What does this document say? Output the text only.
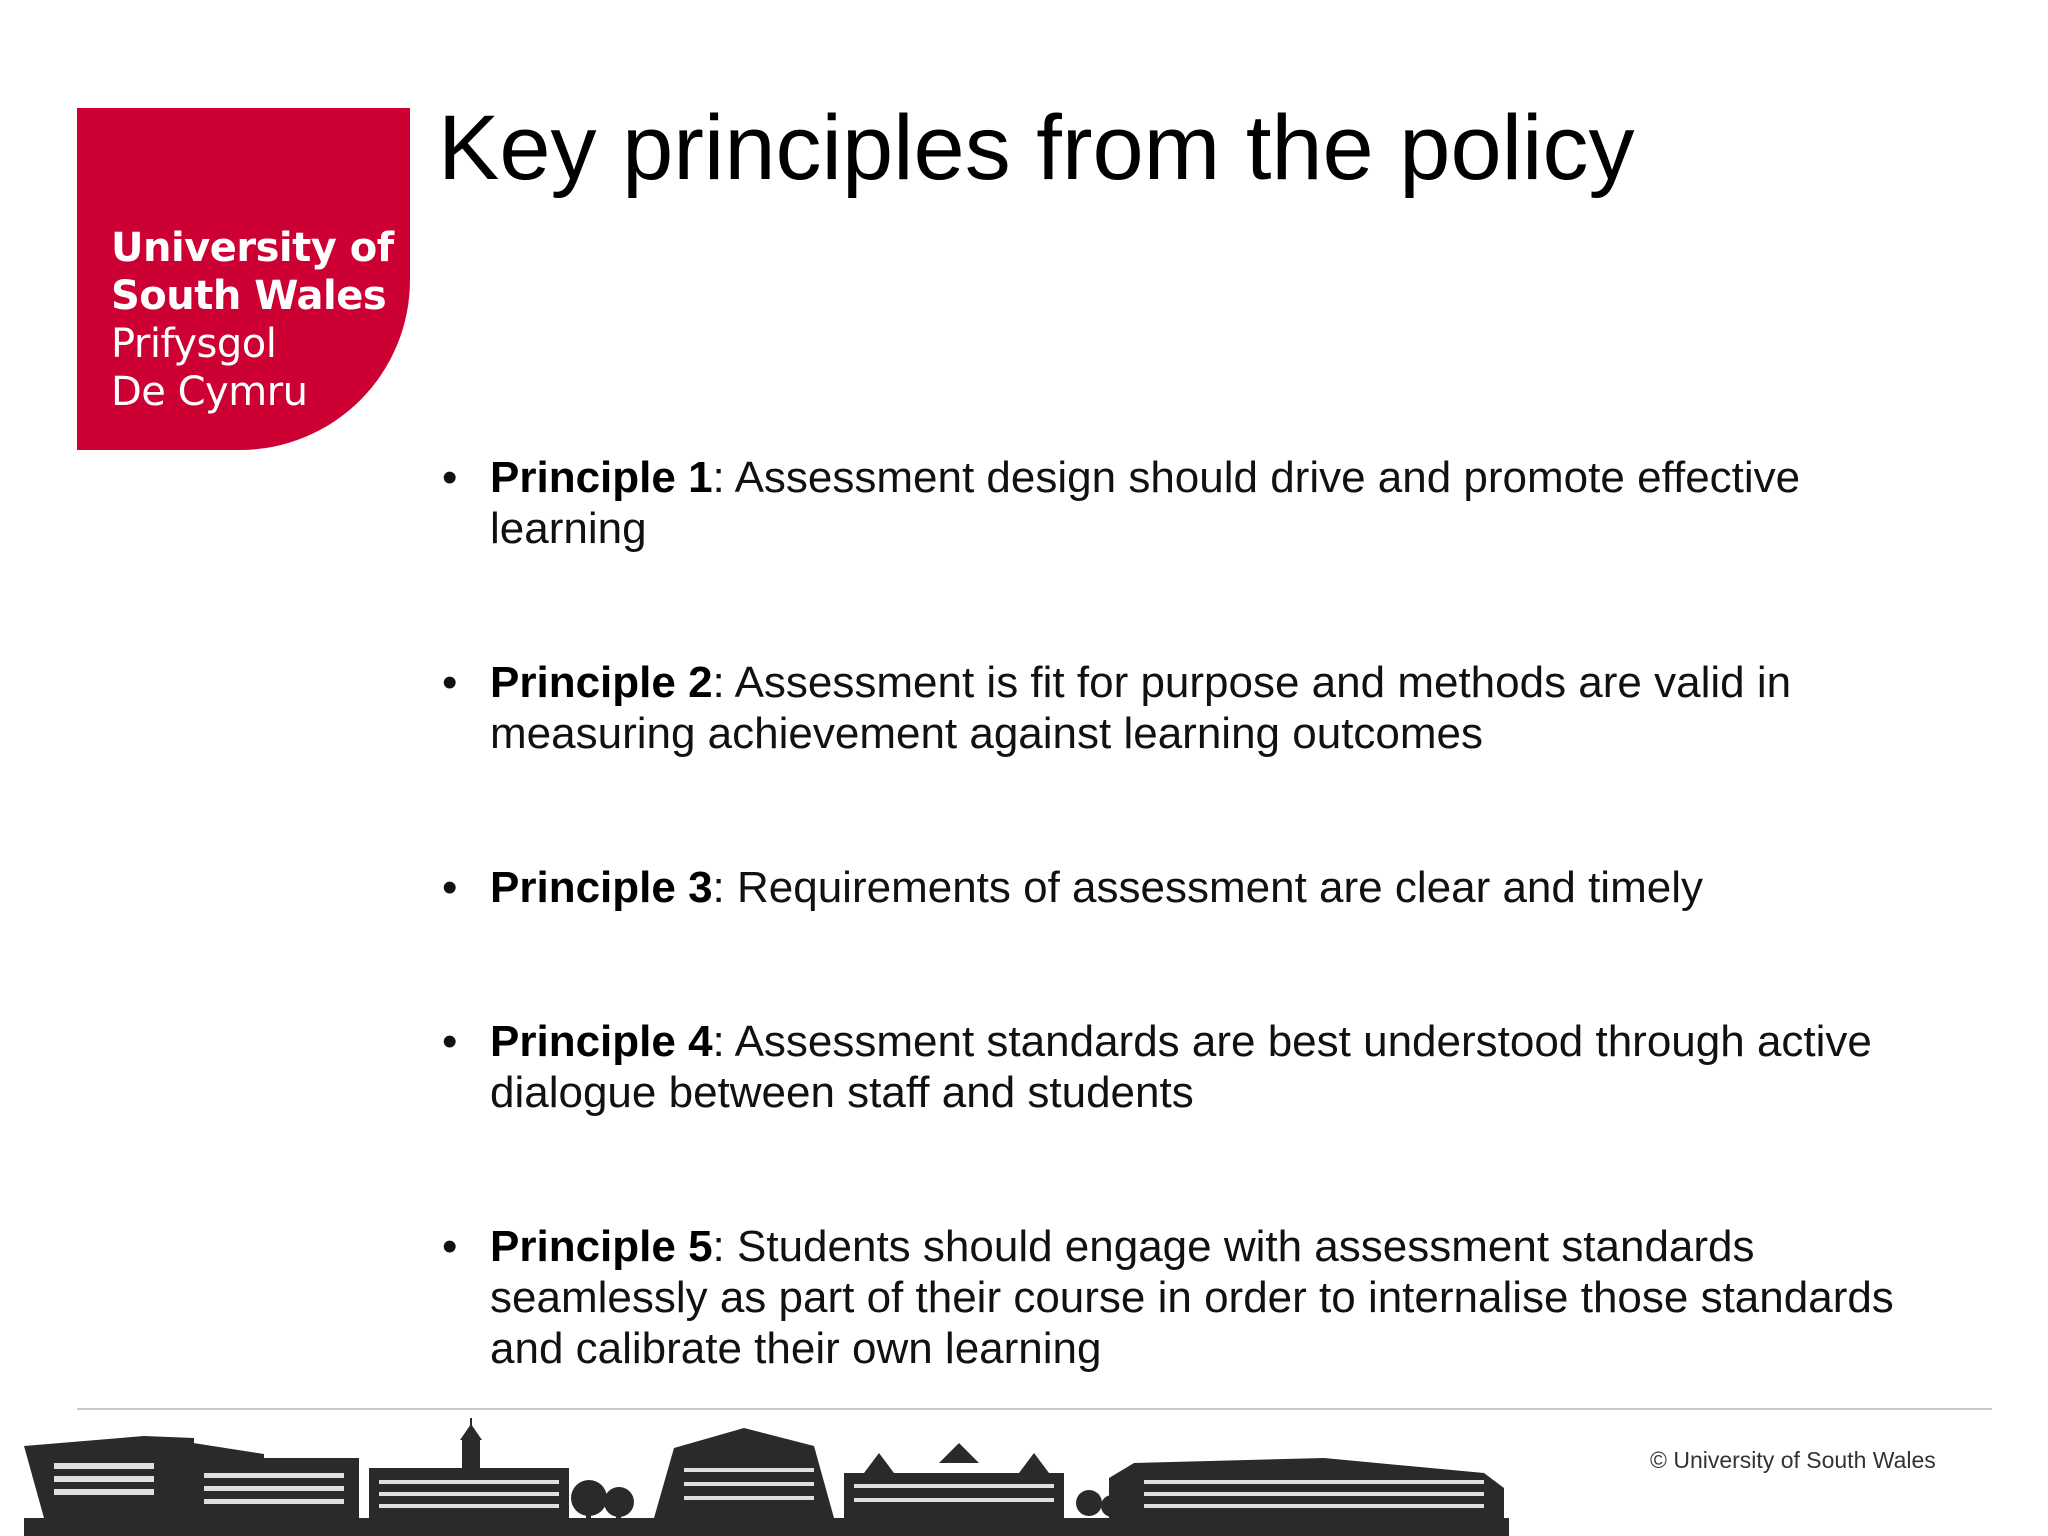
University of
South Wales
Prifysgol
De Cymru
Key principles from the policy
• Principle 1: Assessment design should drive and promote effective learning
• Principle 2: Assessment is fit for purpose and methods are valid in measuring achievement against learning outcomes
• Principle 3: Requirements of assessment are clear and timely
• Principle 4: Assessment standards are best understood through active dialogue between staff and students
• Principle 5: Students should engage with assessment standards seamlessly as part of their course in order to internalise those standards and calibrate their own learning
© University of South Wales
